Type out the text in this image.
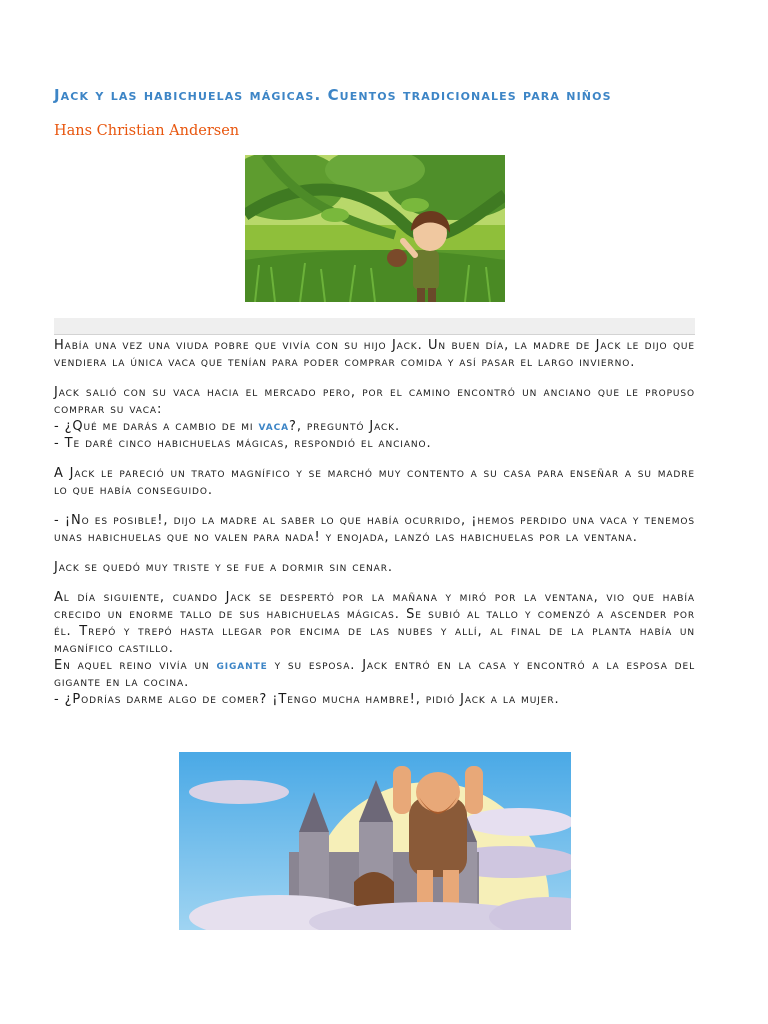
Jack y las habichuelas mágicas. Cuentos tradicionales para niños
Hans Christian Andersen

Había una vez una viuda pobre que vivía con su hijo Jack. Un buen día, la madre de Jack le dijo que vendiera la única vaca que tenían para poder comprar comida y así pasar el largo invierno.

Jack salió con su vaca hacia el mercado pero, por el camino encontró un anciano que le propuso comprar su vaca:
- ¿Qué me darás a cambio de mi vaca?, preguntó Jack.
- Te daré cinco habichuelas mágicas, respondió el anciano.

A Jack le pareció un trato magnífico y se marchó muy contento a su casa para enseñar a su madre lo que había conseguido.

- ¡No es posible!, dijo la madre al saber lo que había ocurrido, ¡hemos perdido una vaca y tenemos unas habichuelas que no valen para nada! y enojada, lanzó las habichuelas por la ventana.

Jack se quedó muy triste y se fue a dormir sin cenar.

Al día siguiente, cuando Jack se despertó por la mañana y miró por la ventana, vio que había crecido un enorme tallo de sus habichuelas mágicas. Se subió al tallo y comenzó a ascender por él. Trepó y trepó hasta llegar por encima de las nubes y allí, al final de la planta había un magnífico castillo.
En aquel reino vivía un gigante y su esposa. Jack entró en la casa y encontró a la esposa del gigante en la cocina.
- ¿Podrías darme algo de comer? ¡Tengo mucha hambre!, pidió Jack a la mujer.
